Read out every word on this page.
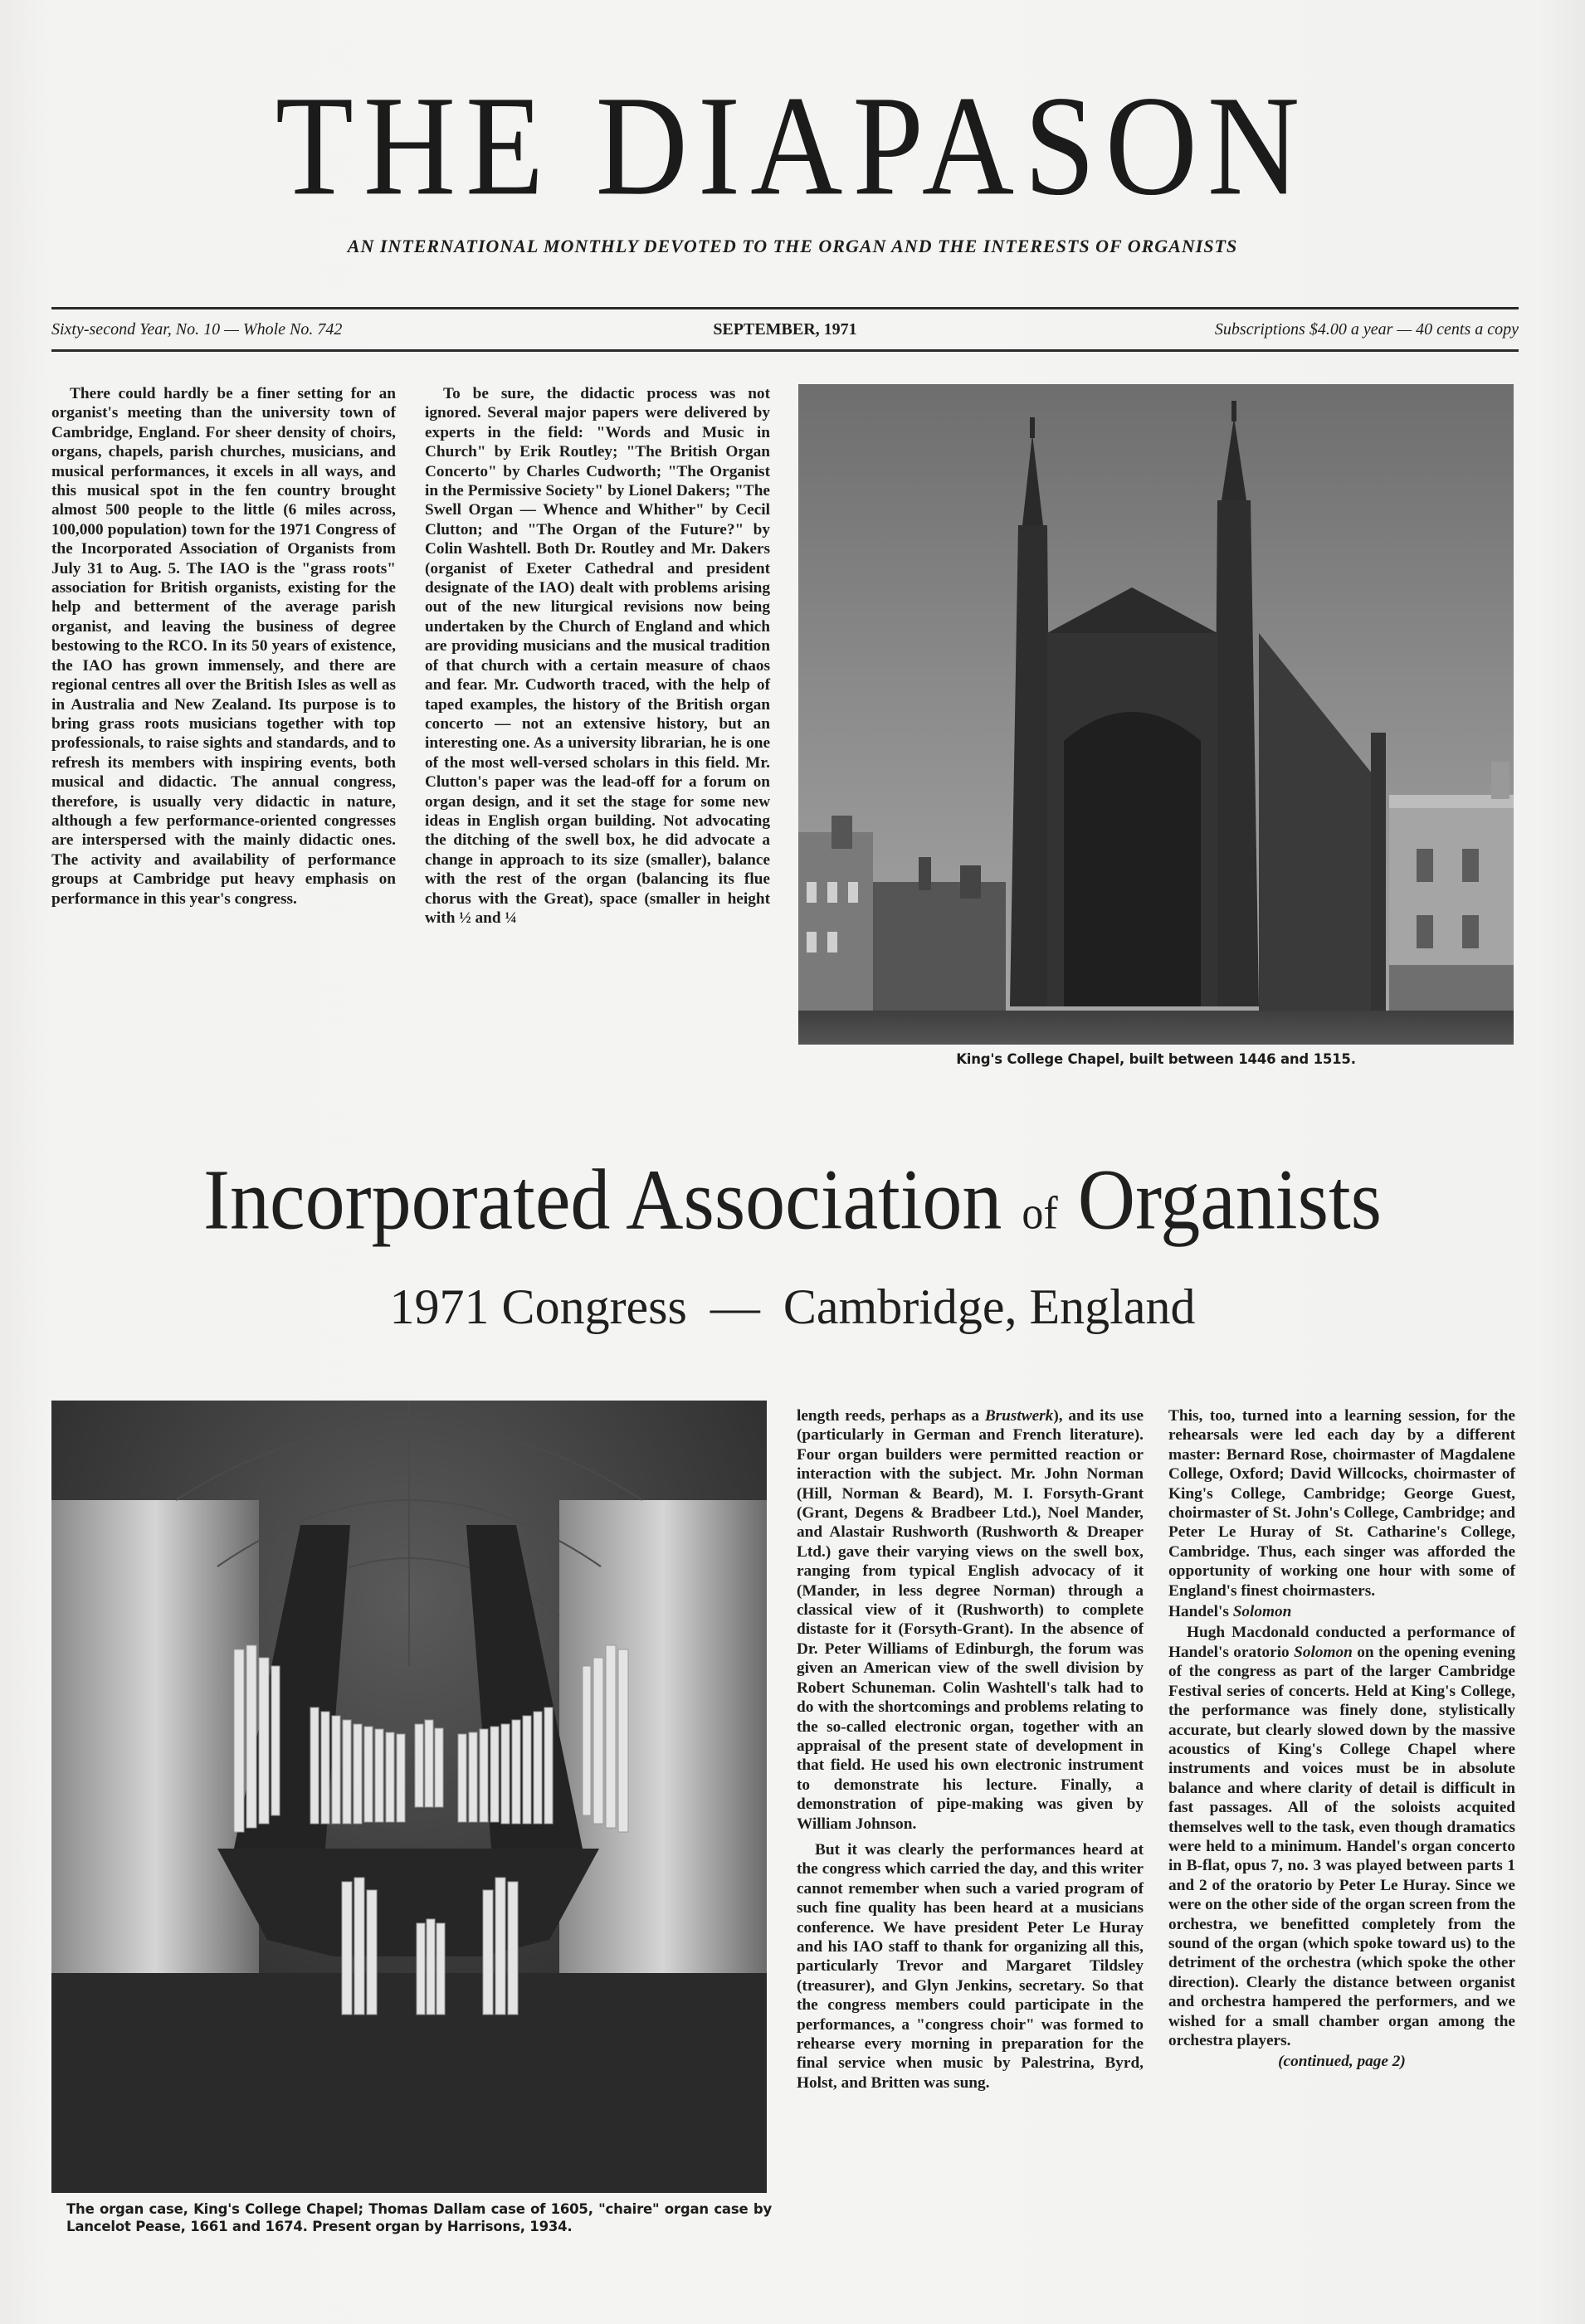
THE DIAPASON
AN INTERNATIONAL MONTHLY DEVOTED TO THE ORGAN AND THE INTERESTS OF ORGANISTS
Sixty-second Year, No. 10 — Whole No. 742	SEPTEMBER, 1971	Subscriptions $4.00 a year — 40 cents a copy

There could hardly be a finer setting for an organist's meeting than the university town of Cambridge, England. For sheer density of choirs, organs, chapels, parish churches, musicians, and musical performances, it excels in all ways, and this musical spot in the fen country brought almost 500 people to the little (6 miles across, 100,000 population) town for the 1971 Congress of the Incorporated Association of Organists from July 31 to Aug. 5. The IAO is the "grass roots" association for British organists, existing for the help and betterment of the average parish organist, and leaving the business of degree bestowing to the RCO. In its 50 years of existence, the IAO has grown immensely, and there are regional centres all over the British Isles as well as in Australia and New Zealand. Its purpose is to bring grass roots musicians together with top professionals, to raise sights and standards, and to refresh its members with inspiring events, both musical and didactic. The annual congress, therefore, is usually very didactic in nature, although a few performance-oriented congresses are interspersed with the mainly didactic ones. The activity and availability of performance groups at Cambridge put heavy emphasis on performance in this year's congress.

To be sure, the didactic process was not ignored. Several major papers were delivered by experts in the field: "Words and Music in Church" by Erik Routley; "The British Organ Concerto" by Charles Cudworth; "The Organist in the Permissive Society" by Lionel Dakers; "The Swell Organ — Whence and Whither" by Cecil Clutton; and "The Organ of the Future?" by Colin Washtell. Both Dr. Routley and Mr. Dakers (organist of Exeter Cathedral and president designate of the IAO) dealt with problems arising out of the new liturgical revisions now being undertaken by the Church of England and which are providing musicians and the musical tradition of that church with a certain measure of chaos and fear. Mr. Cudworth traced, with the help of taped examples, the history of the British organ concerto — not an extensive history, but an interesting one. As a university librarian, he is one of the most well-versed scholars in this field. Mr. Clutton's paper was the lead-off for a forum on organ design, and it set the stage for some new ideas in English organ building. Not advocating the ditching of the swell box, he did advocate a change in approach to its size (smaller), balance with the rest of the organ (balancing its flue chorus with the Great), space (smaller in height with ½ and ¼

King's College Chapel, built between 1446 and 1515.
Incorporated Association of Organists
1971 Congress — Cambridge, England
The organ case, King's College Chapel; Thomas Dallam case of 1605, "chaire" organ case by Lancelot Pease, 1661 and 1674. Present organ by Harrisons, 1934.

length reeds, perhaps as a Brustwerk), and its use (particularly in German and French literature). Four organ builders were permitted reaction or interaction with the subject. Mr. John Norman (Hill, Norman & Beard), M. I. Forsyth-Grant (Grant, Degens & Bradbeer Ltd.), Noel Mander, and Alastair Rushworth (Rushworth & Dreaper Ltd.) gave their varying views on the swell box, ranging from typical English advocacy of it (Mander, in less degree Norman) through a classical view of it (Rushworth) to complete distaste for it (Forsyth-Grant). In the absence of Dr. Peter Williams of Edinburgh, the forum was given an American view of the swell division by Robert Schuneman. Colin Washtell's talk had to do with the shortcomings and problems relating to the so-called electronic organ, together with an appraisal of the present state of development in that field. He used his own electronic instrument to demonstrate his lecture. Finally, a demonstration of pipe-making was given by William Johnson.

But it was clearly the performances heard at the congress which carried the day, and this writer cannot remember when such a varied program of such fine quality has been heard at a musicians conference. We have president Peter Le Huray and his IAO staff to thank for organizing all this, particularly Trevor and Margaret Tildsley (treasurer), and Glyn Jenkins, secretary. So that the congress members could participate in the performances, a "congress choir" was formed to rehearse every morning in preparation for the final service when music by Palestrina, Byrd, Holst, and Britten was sung.

This, too, turned into a learning session, for the rehearsals were led each day by a different master: Bernard Rose, choirmaster of Magdalene College, Oxford; David Willcocks, choirmaster of King's College, Cambridge; George Guest, choirmaster of St. John's College, Cambridge; and Peter Le Huray of St. Catharine's College, Cambridge. Thus, each singer was afforded the opportunity of working one hour with some of England's finest choirmasters.

Handel's Solomon

Hugh Macdonald conducted a performance of Handel's oratorio Solomon on the opening evening of the congress as part of the larger Cambridge Festival series of concerts. Held at King's College, the performance was finely done, stylistically accurate, but clearly slowed down by the massive acoustics of King's College Chapel where instruments and voices must be in absolute balance and where clarity of detail is difficult in fast passages. All of the soloists acquited themselves well to the task, even though dramatics were held to a minimum. Handel's organ concerto in B-flat, opus 7, no. 3 was played between parts 1 and 2 of the oratorio by Peter Le Huray. Since we were on the other side of the organ screen from the orchestra, we benefitted completely from the sound of the organ (which spoke toward us) to the detriment of the orchestra (which spoke the other direction). Clearly the distance between organist and orchestra hampered the performers, and we wished for a small chamber organ among the orchestra players.

(continued, page 2)
